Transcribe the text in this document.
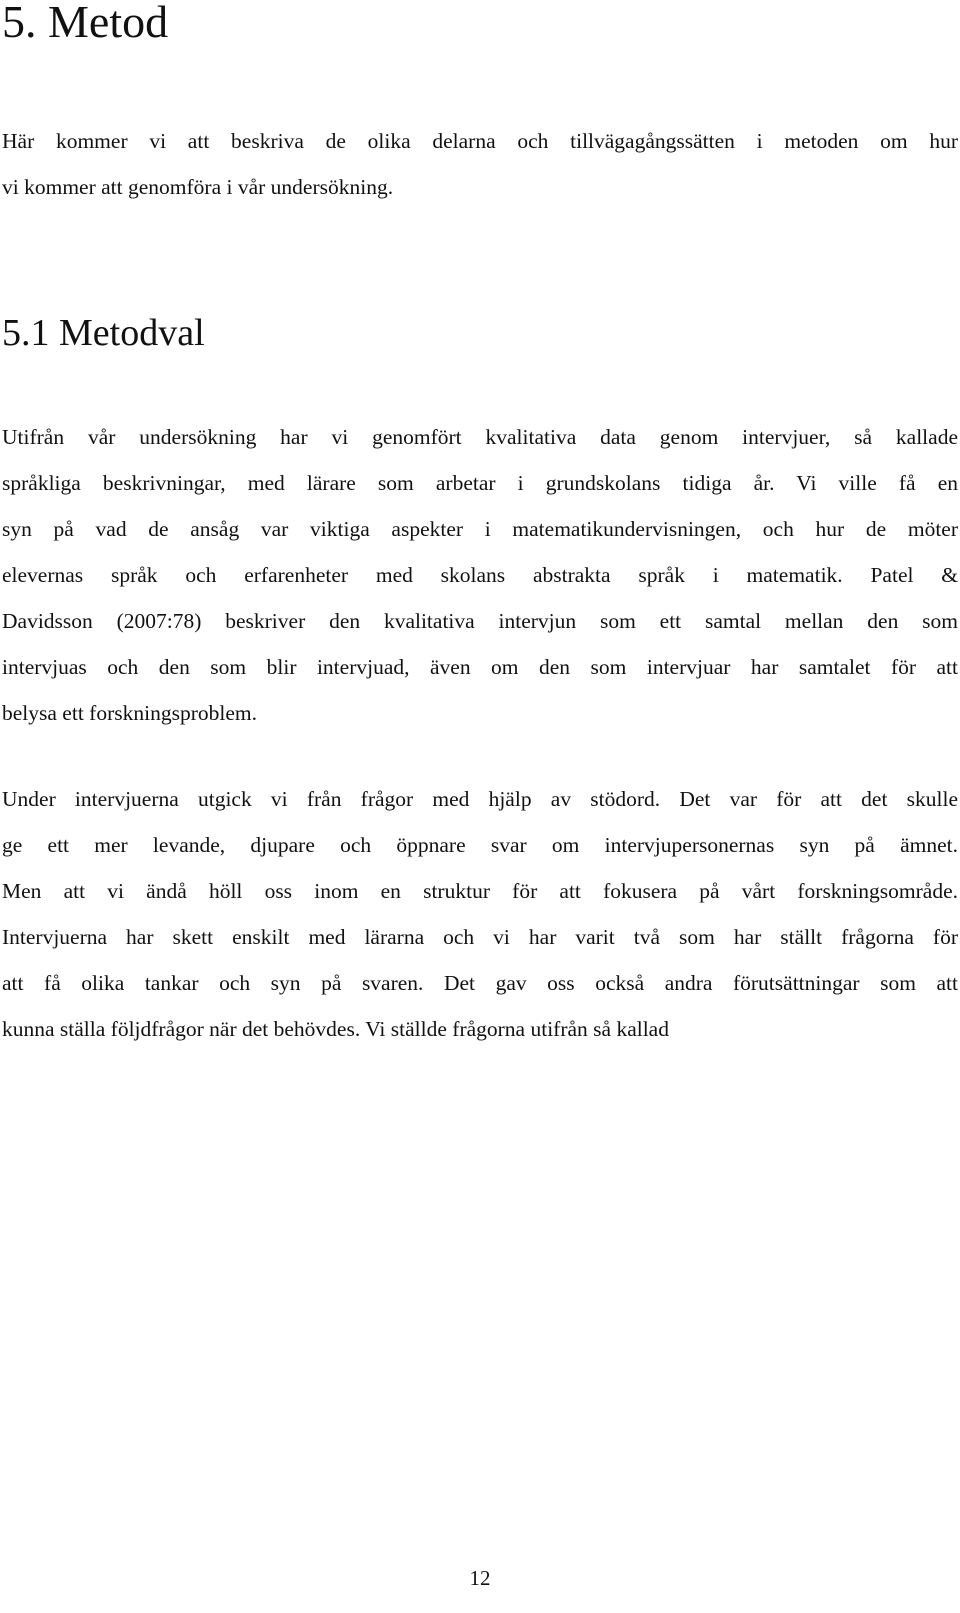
5. Metod
Här kommer vi att beskriva de olika delarna och tillvägagångssätten i metoden om hur
vi kommer att genomföra i vår undersökning.
5.1 Metodval
Utifrån vår undersökning har vi genomfört kvalitativa data genom intervjuer, så kallade
språkliga beskrivningar, med lärare som arbetar i grundskolans tidiga år. Vi ville få en
syn på vad de ansåg var viktiga aspekter i matematikundervisningen, och hur de möter
elevernas språk och erfarenheter med skolans abstrakta språk i matematik. Patel &
Davidsson (2007:78) beskriver den kvalitativa intervjun som ett samtal mellan den som
intervjuas och den som blir intervjuad, även om den som intervjuar har samtalet för att
belysa ett forskningsproblem.
Under intervjuerna utgick vi från frågor med hjälp av stödord. Det var för att det skulle
ge ett mer levande, djupare och öppnare svar om intervjupersonernas syn på ämnet.
Men att vi ändå höll oss inom en struktur för att fokusera på vårt forskningsområde.
Intervjuerna har skett enskilt med lärarna och vi har varit två som har ställt frågorna för
att få olika tankar och syn på svaren. Det gav oss också andra förutsättningar som att
kunna ställa följdfrågor när det behövdes. Vi ställde frågorna utifrån så kallad
12
